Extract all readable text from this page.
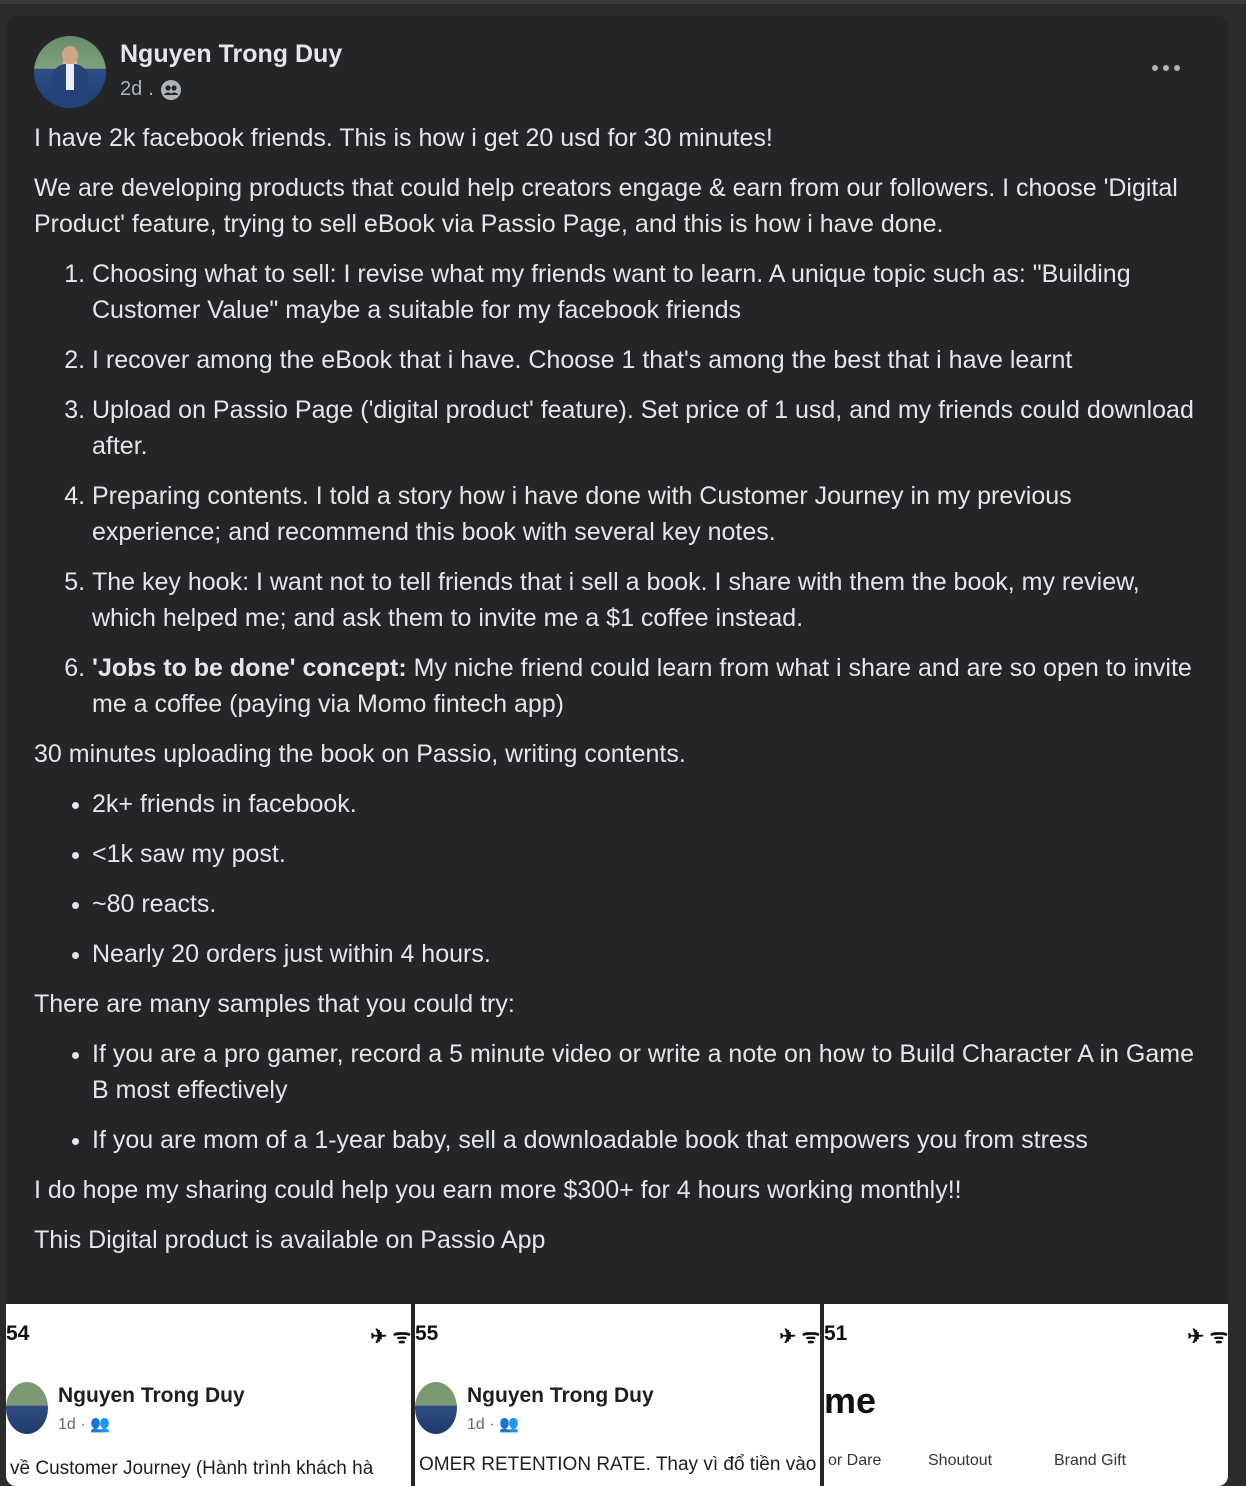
Nguyen Trong Duy
2d .

I have 2k facebook friends. This is how i get 20 usd for 30 minutes!

We are developing products that could help creators engage & earn from our followers. I choose 'Digital Product' feature, trying to sell eBook via Passio Page, and this is how i have done.

1. Choosing what to sell: I revise what my friends want to learn. A unique topic such as: "Building Customer Value" maybe a suitable for my facebook friends
2. I recover among the eBook that i have. Choose 1 that's among the best that i have learnt
3. Upload on Passio Page ('digital product' feature). Set price of 1 usd, and my friends could download after.
4. Preparing contents. I told a story how i have done with Customer Journey in my previous experience; and recommend this book with several key notes.
5. The key hook: I want not to tell friends that i sell a book. I share with them the book, my review, which helped me; and ask them to invite me a $1 coffee instead.
6. 'Jobs to be done' concept: My niche friend could learn from what i share and are so open to invite me a coffee (paying via Momo fintech app)

30 minutes uploading the book on Passio, writing contents.

• 2k+ friends in facebook.
• <1k saw my post.
• ~80 reacts.
• Nearly 20 orders just within 4 hours.

There are many samples that you could try:

• If you are a pro gamer, record a 5 minute video or write a note on how to Build Character A in Game B most effectively
• If you are mom of a 1-year baby, sell a downloadable book that empowers you from stress

I do hope my sharing could help you earn more $300+ for 4 hours working monthly!!

This Digital product is available on Passio App

54	✈ ᯤ
Nguyen Trong Duy
1d · 👥
về Customer Journey (Hành trình khách hà
55	✈ ᯤ
Nguyen Trong Duy
1d · 👥
OMER RETENTION RATE. Thay vì đổ tiền vào
51	✈ ᯤ
me
or Dare	Shoutout	Brand Gift
